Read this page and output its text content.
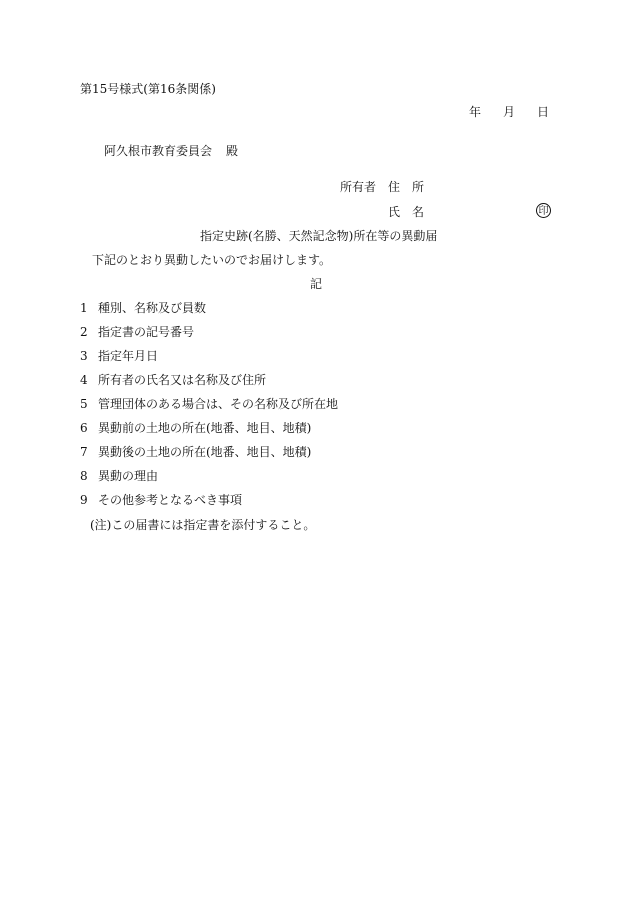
第15号様式(第16条関係)
年 月 日
阿久根市教育委員会 殿
所有者 住　所
氏　名	印
指定史跡(名勝、天然記念物)所在等の異動届
下記のとおり異動したいのでお届けします。
記
1 種別、名称及び員数
2 指定書の記号番号
3 指定年月日
4 所有者の氏名又は名称及び住所
5 管理団体のある場合は、その名称及び所在地
6 異動前の土地の所在(地番、地目、地積)
7 異動後の土地の所在(地番、地目、地積)
8 異動の理由
9 その他参考となるべき事項
(注)この届書には指定書を添付すること。
